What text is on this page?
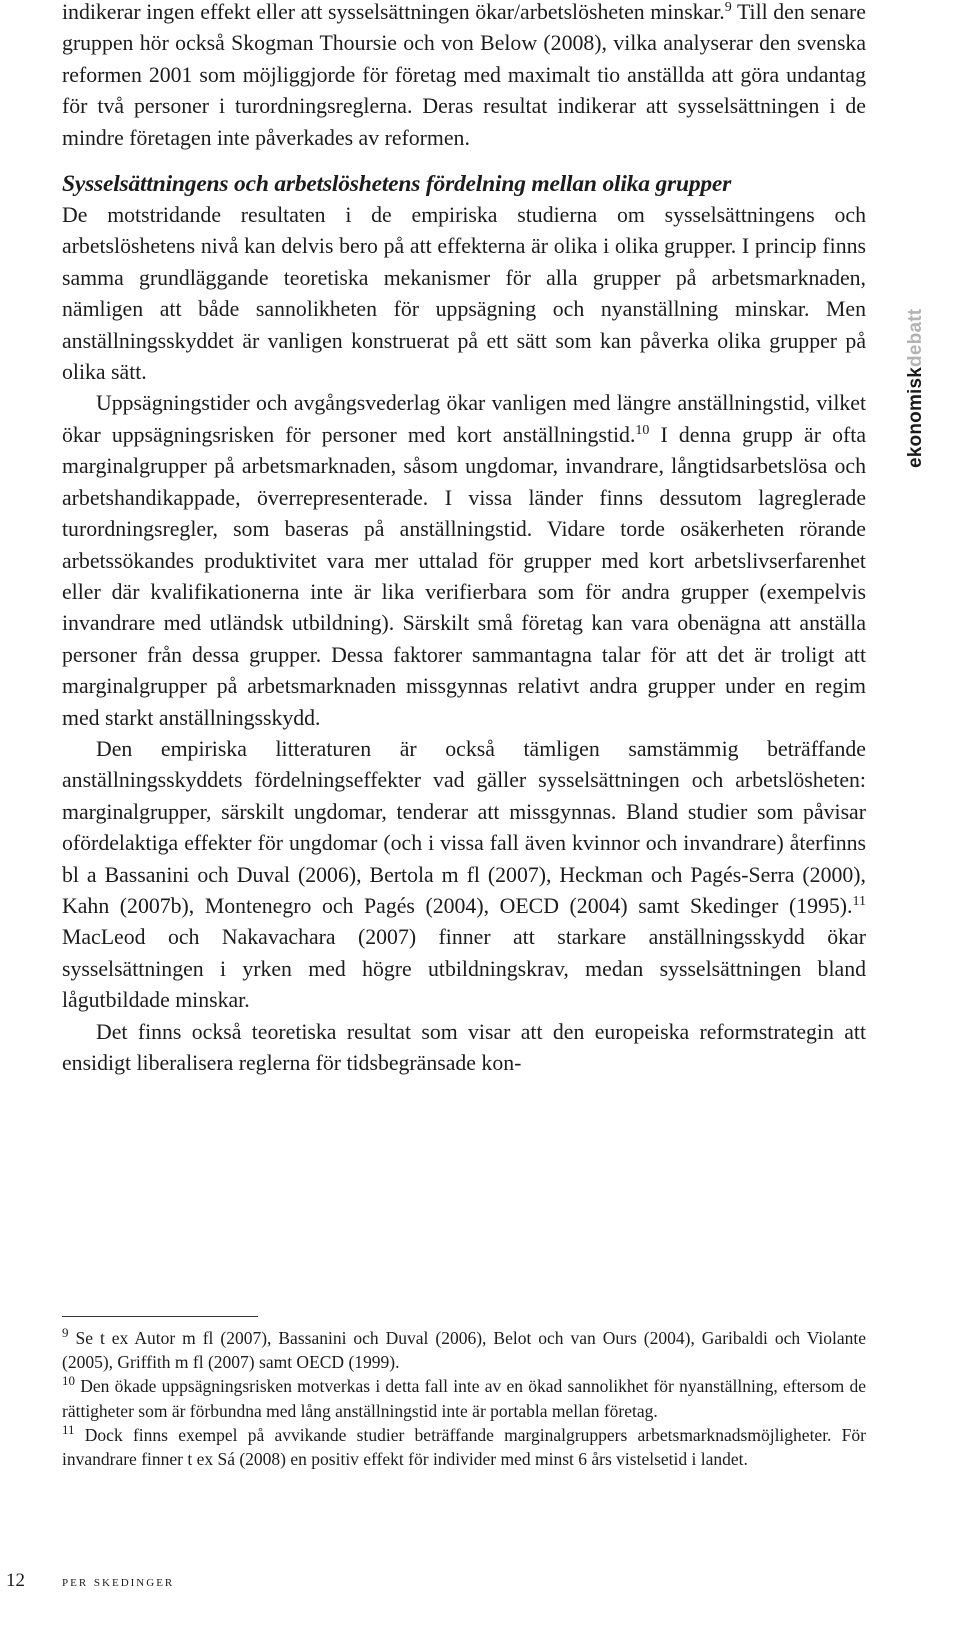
indikerar ingen effekt eller att sysselsättningen ökar/arbetslösheten minskar.$^9$ Till den senare gruppen hör också Skogman Thoursie och von Below (2008), vilka analyserar den svenska reformen 2001 som möjliggjorde för företag med maximalt tio anställda att göra undantag för två personer i turordningsreglerna. Deras resultat indikerar att sysselsättningen i de mindre företagen inte påverkades av reformen.

Sysselsättningens och arbetslöshetens fördelning mellan olika grupper

De motstridande resultaten i de empiriska studierna om sysselsättningens och arbetslöshetens nivå kan delvis bero på att effekterna är olika i olika grupper. I princip finns samma grundläggande teoretiska mekanismer för alla grupper på arbetsmarknaden, nämligen att både sannolikheten för uppsägning och nyanställning minskar. Men anställningsskyddet är vanligen konstruerat på ett sätt som kan påverka olika grupper på olika sätt.

Uppsägningstider och avgångsvederlag ökar vanligen med längre anställningstid, vilket ökar uppsägningsrisken för personer med kort anställningstid.$^{10}$ I denna grupp är ofta marginalgrupper på arbetsmarknaden, såsom ungdomar, invandrare, långtidsarbetslösa och arbetshandikappade, överrepresenterade. I vissa länder finns dessutom lagreglerade turordningsregler, som baseras på anställningstid. Vidare torde osäkerheten rörande arbetssökandes produktivitet vara mer uttalad för grupper med kort arbetslivserfarenhet eller där kvalifikationerna inte är lika verifierbara som för andra grupper (exempelvis invandrare med utländsk utbildning). Särskilt små företag kan vara obenägna att anställa personer från dessa grupper. Dessa faktorer sammantagna talar för att det är troligt att marginalgrupper på arbetsmarknaden missgynnas relativt andra grupper under en regim med starkt anställningsskydd.

Den empiriska litteraturen är också tämligen samstämmig beträffande anställningsskyddets fördelningseffekter vad gäller sysselsättningen och arbetslösheten: marginalgrupper, särskilt ungdomar, tenderar att missgynnas. Bland studier som påvisar ofördelaktiga effekter för ungdomar (och i vissa fall även kvinnor och invandrare) återfinns bl a Bassanini och Duval (2006), Bertola m fl (2007), Heckman och Pagés-Serra (2000), Kahn (2007b), Montenegro och Pagés (2004), OECD (2004) samt Skedinger (1995).$^{11}$ MacLeod och Nakavachara (2007) finner att starkare anställningsskydd ökar sysselsättningen i yrken med högre utbildningskrav, medan sysselsättningen bland lågutbildade minskar.

Det finns också teoretiska resultat som visar att den europeiska reformstrategin att ensidigt liberalisera reglerna för tidsbegränsade kon-

$^9$ Se t ex Autor m fl (2007), Bassanini och Duval (2006), Belot och van Ours (2004), Garibaldi och Violante (2005), Griffith m fl (2007) samt OECD (1999).

$^{10}$ Den ökade uppsägningsrisken motverkas i detta fall inte av en ökad sannolikhet för nyanställning, eftersom de rättigheter som är förbundna med lång anställningstid inte är portabla mellan företag.

$^{11}$ Dock finns exempel på avvikande studier beträffande marginalgruppers arbetsmarknadsmöjligheter. För invandrare finner t ex Sá (2008) en positiv effekt för individer med minst 6 års vistelsetid i landet.

ekonomiskdebatt
12 per skedinger
